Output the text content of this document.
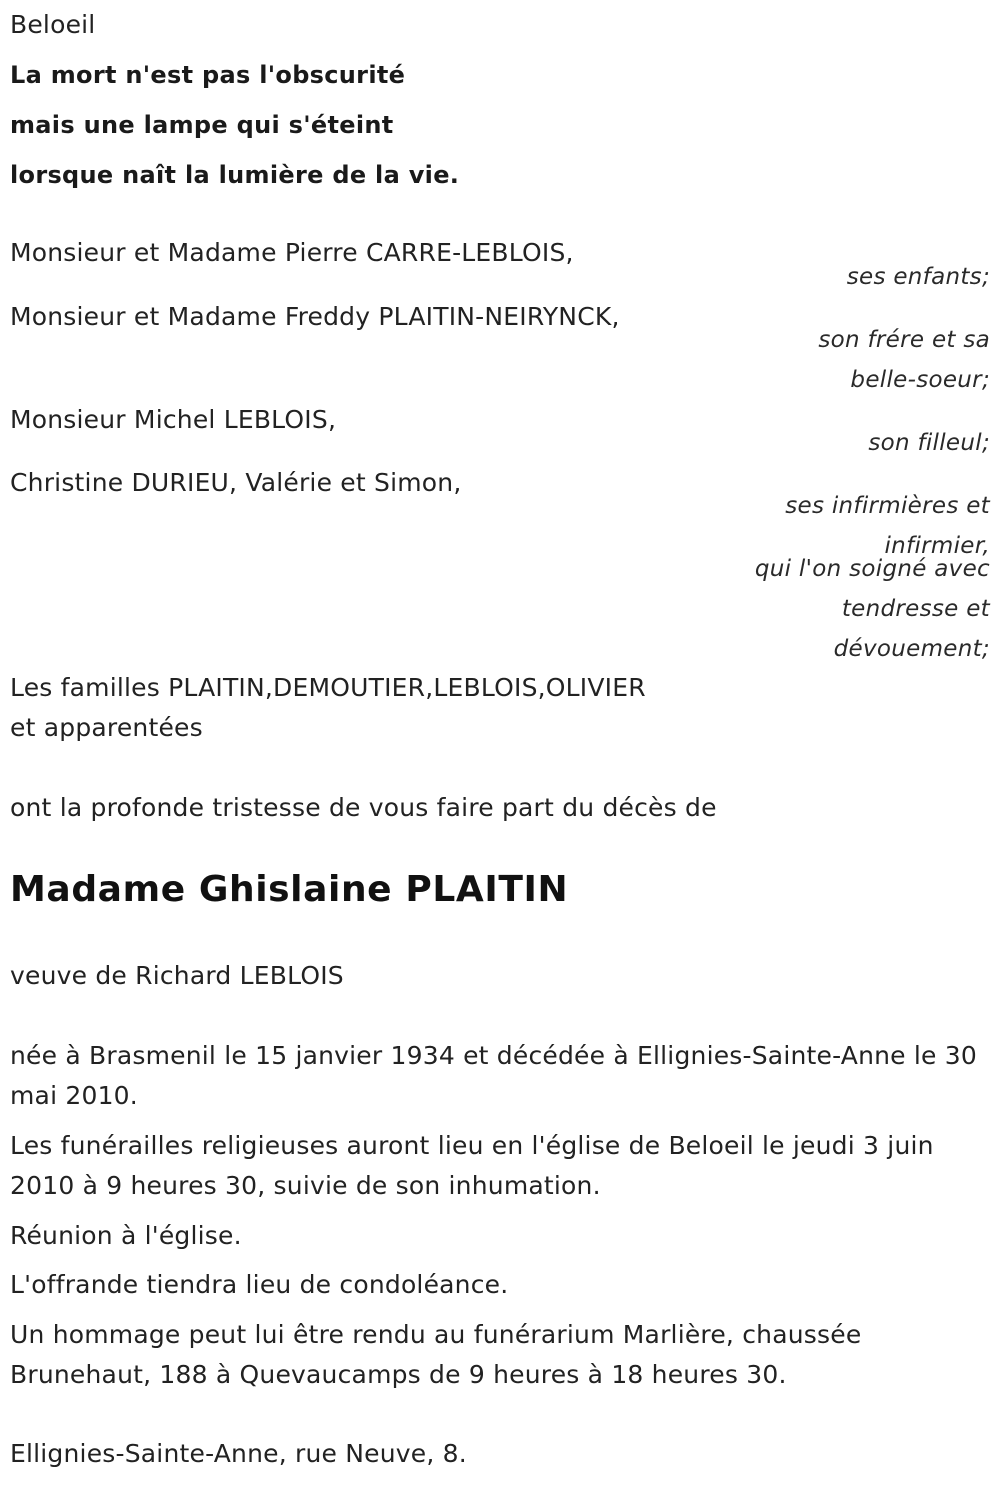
Beloeil

La mort n'est pas l'obscurité

mais une lampe qui s'éteint

lorsque naît la lumière de la vie.

Monsieur et Madame Pierre CARRE-LEBLOIS,

ses enfants;

Monsieur et Madame Freddy PLAITIN-NEIRYNCK,

son frére et sa

belle-soeur;

Monsieur Michel LEBLOIS,

son filleul;

Christine DURIEU, Valérie et Simon,

ses infirmières et

infirmier,

qui l'on soigné avec

tendresse et

dévouement;

Les familles PLAITIN,DEMOUTIER,LEBLOIS,OLIVIER

et apparentées

ont la profonde tristesse de vous faire part du décès de

Madame Ghislaine PLAITIN

veuve de Richard LEBLOIS

née à Brasmenil le 15 janvier 1934 et décédée à Ellignies-Sainte-Anne le 30 mai 2010.

Les funérailles religieuses auront lieu en l'église de Beloeil le jeudi 3 juin 2010 à 9 heures 30, suivie de son inhumation.

Réunion à l'église.

L'offrande tiendra lieu de condoléance.

Un hommage peut lui être rendu au funérarium Marlière, chaussée Brunehaut, 188 à Quevaucamps de 9 heures à 18 heures 30.

Ellignies-Sainte-Anne, rue Neuve, 8.
